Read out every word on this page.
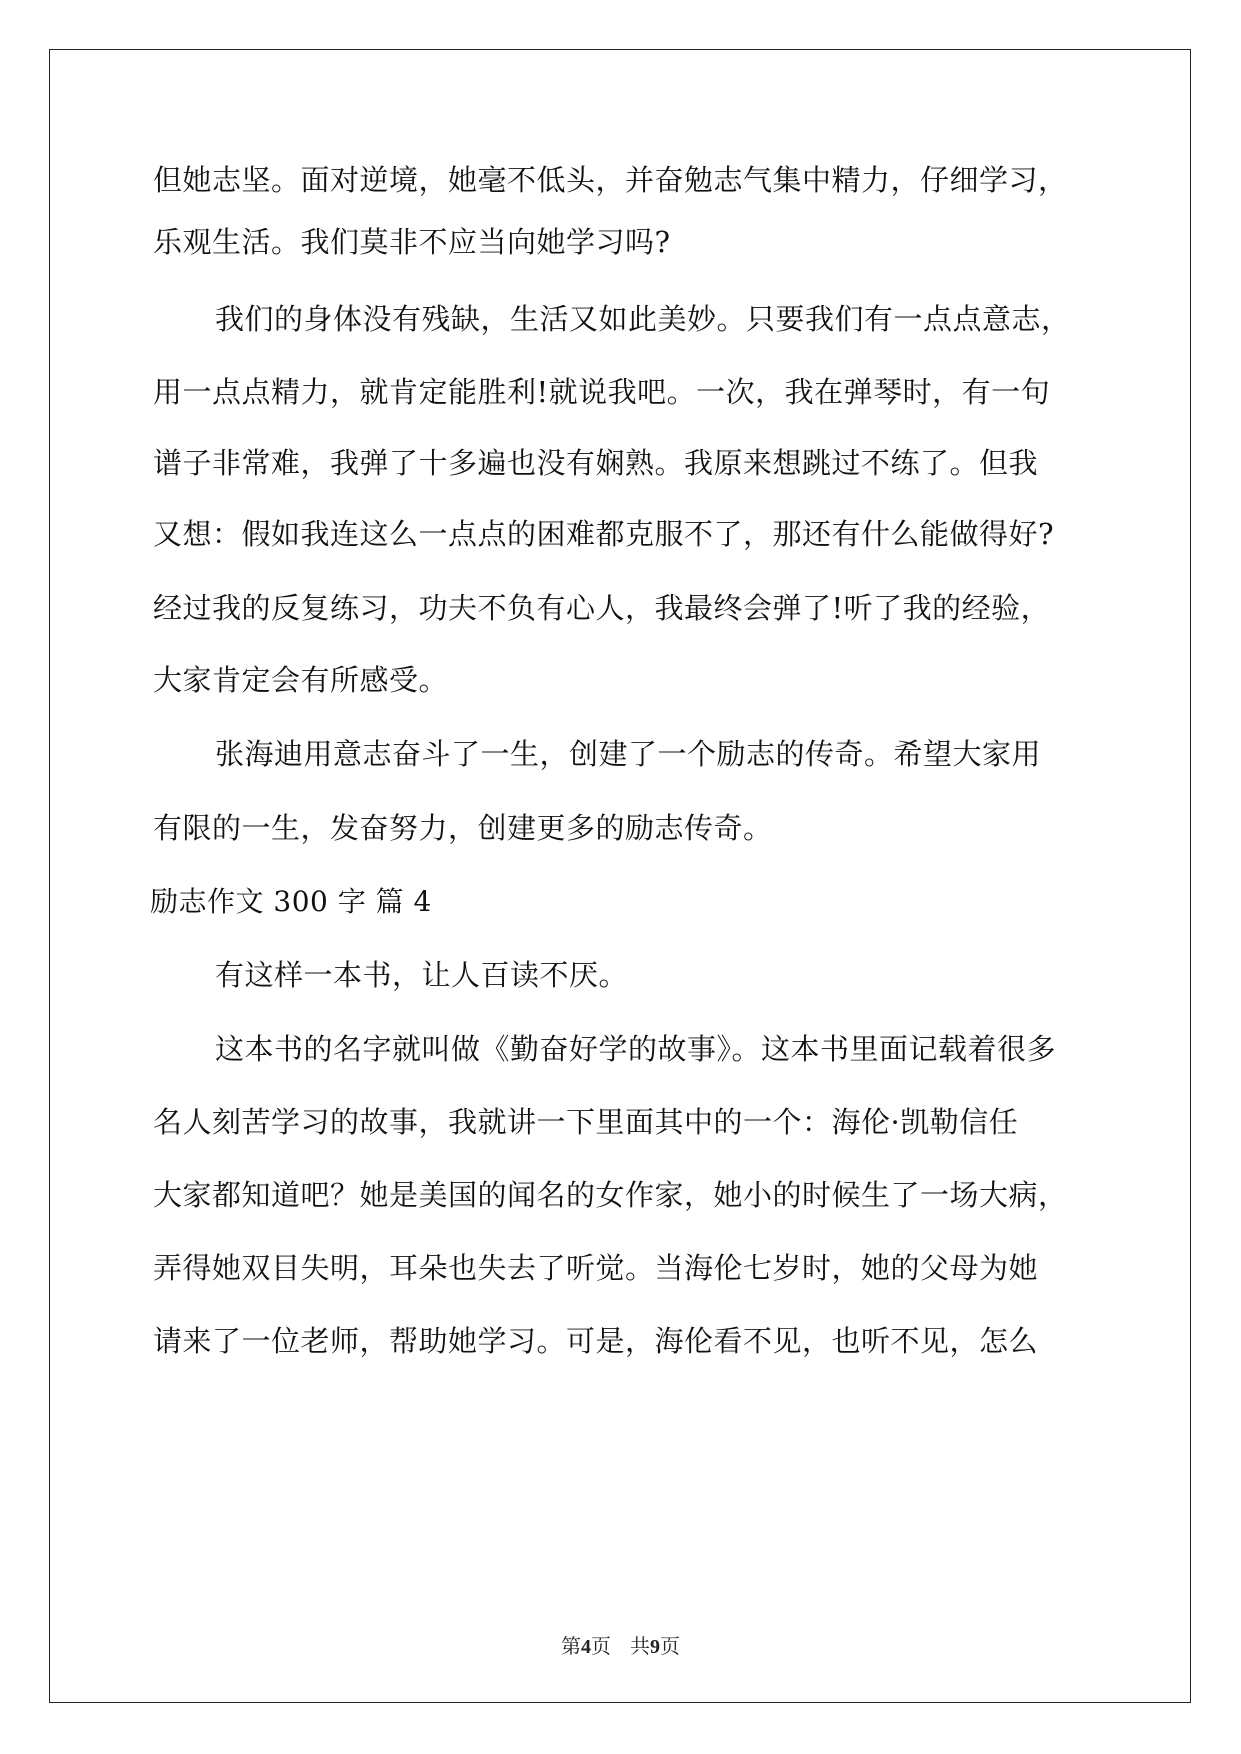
但她志坚。面对逆境，她毫不低头，并奋勉志气集中精力，仔细学习，
乐观生活。我们莫非不应当向她学习吗?
我们的身体没有残缺，生活又如此美妙。只要我们有一点点意志，
用一点点精力，就肯定能胜利!就说我吧。一次，我在弹琴时，有一句
谱子非常难，我弹了十多遍也没有娴熟。我原来想跳过不练了。但我
又想：假如我连这么一点点的困难都克服不了，那还有什么能做得好?
经过我的反复练习，功夫不负有心人，我最终会弹了!听了我的经验，
大家肯定会有所感受。
张海迪用意志奋斗了一生，创建了一个励志的传奇。希望大家用
有限的一生，发奋努力，创建更多的励志传奇。
励志作文 300 字 篇 4
有这样一本书，让人百读不厌。
这本书的名字就叫做《勤奋好学的故事》。这本书里面记载着很多
名人刻苦学习的故事，我就讲一下里面其中的一个：海伦·凯勒信任
大家都知道吧？她是美国的闻名的女作家，她小的时候生了一场大病，
弄得她双目失明，耳朵也失去了听觉。当海伦七岁时，她的父母为她
请来了一位老师，帮助她学习。可是，海伦看不见，也听不见，怎么
第4页   共9页
